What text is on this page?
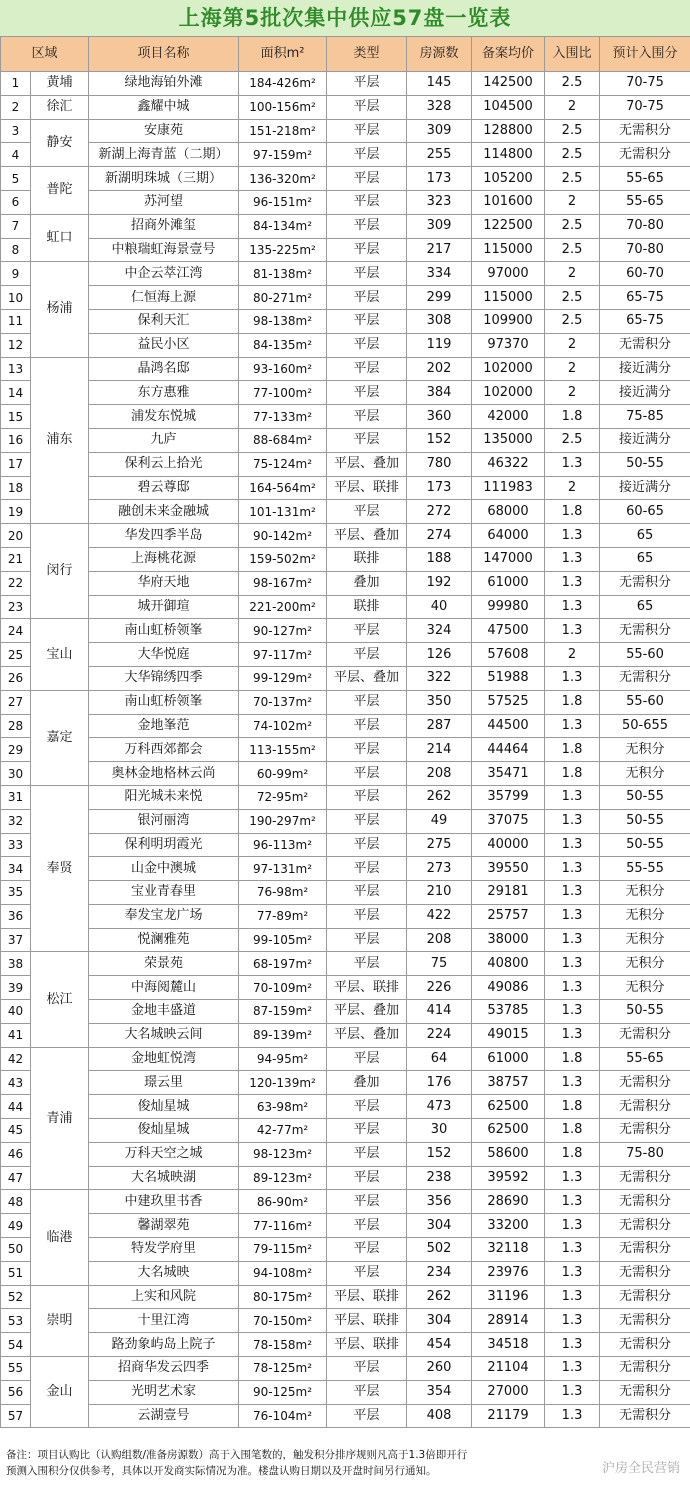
上海第5批次集中供应57盘一览表
区域		项目名称	面积m²	类型	房源数	备案均价	入围比	预计入围分
1	黄埔	绿地海铂外滩	184-426m²	平层	145	142500	2.5	70-75
2	徐汇	鑫耀中城	100-156m²	平层	328	104500	2	70-75
3	静安	安康苑	151-218m²	平层	309	128800	2.5	无需积分
4		新湖上海青蓝（二期）	97-159m²	平层	255	114800	2.5	无需积分
5	普陀	新湖明珠城（三期）	136-320m²	平层	173	105200	2.5	55-65
6		苏河望	96-151m²	平层	323	101600	2	55-65
7	虹口	招商外滩玺	84-134m²	平层	309	122500	2.5	70-80
8		中粮瑞虹海景壹号	135-225m²	平层	217	115000	2.5	70-80
9	杨浦	中企云萃江湾	81-138m²	平层	334	97000	2	60-70
10		仁恒海上源	80-271m²	平层	299	115000	2.5	65-75
11		保利天汇	98-138m²	平层	308	109900	2.5	65-75
12		益民小区	84-135m²	平层	119	97370	2	无需积分
13	浦东	晶鸿名邸	93-160m²	平层	202	102000	2	接近满分
14		东方惠雅	77-100m²	平层	384	102000	2	接近满分
15		浦发东悦城	77-133m²	平层	360	42000	1.8	75-85
16		九庐	88-684m²	平层	152	135000	2.5	接近满分
17		保利云上拾光	75-124m²	平层、叠加	780	46322	1.3	50-55
18		碧云尊邸	164-564m²	平层、联排	173	111983	2	接近满分
19		融创未来金融城	101-131m²	平层	272	68000	1.8	60-65
20	闵行	华发四季半岛	90-142m²	平层、叠加	274	64000	1.3	65
21		上海桃花源	159-502m²	联排	188	147000	1.3	65
22		华府天地	98-167m²	叠加	192	61000	1.3	无需积分
23		城开御瑄	221-200m²	联排	40	99980	1.3	65
24	宝山	南山虹桥领峯	90-127m²	平层	324	47500	1.3	无需积分
25		大华悦庭	97-117m²	平层	126	57608	2	55-60
26		大华锦绣四季	99-129m²	平层、叠加	322	51988	1.3	无需积分
27	嘉定	南山虹桥领峯	70-137m²	平层	350	57525	1.8	55-60
28		金地峯范	74-102m²	平层	287	44500	1.3	50-655
29		万科西郊都会	113-155m²	平层	214	44464	1.8	无积分
30		奥林金地格林云尚	60-99m²	平层	208	35471	1.8	无积分
31	奉贤	阳光城未来悦	72-95m²	平层	262	35799	1.3	50-55
32		银河丽湾	190-297m²	平层	49	37075	1.3	50-55
33		保利明玥霞光	96-113m²	平层	275	40000	1.3	50-55
34		山金中澳城	97-131m²	平层	273	39550	1.3	55-55
35		宝业青春里	76-98m²	平层	210	29181	1.3	无积分
36		奉发宝龙广场	77-89m²	平层	422	25757	1.3	无积分
37		悦澜雅苑	99-105m²	平层	208	38000	1.3	无积分
38	松江	荣景苑	68-197m²	平层	75	40800	1.3	无积分
39		中海阅麓山	70-109m²	平层、联排	226	49086	1.3	无积分
40		金地丰盛道	87-159m²	平层、叠加	414	53785	1.3	50-55
41		大名城映云间	89-139m²	平层、叠加	224	49015	1.3	无需积分
42	青浦	金地虹悦湾	94-95m²	平层	64	61000	1.8	55-65
43		璟云里	120-139m²	叠加	176	38757	1.3	无需积分
44		俊灿星城	63-98m²	平层	473	62500	1.8	无需积分
45		俊灿星城	42-77m²	平层	30	62500	1.8	无需积分
46		万科天空之城	98-123m²	平层	152	58600	1.8	75-80
47		大名城映湖	89-123m²	平层	238	39592	1.3	无需积分
48	临港	中建玖里书香	86-90m²	平层	356	28690	1.3	无需积分
49		馨湖翠苑	77-116m²	平层	304	33200	1.3	无需积分
50		特发学府里	79-115m²	平层	502	32118	1.3	无需积分
51		大名城映	94-108m²	平层	234	23976	1.3	无需积分
52	崇明	上实和风院	80-175m²	平层、联排	262	31196	1.3	无需积分
53		十里江湾	70-150m²	平层、联排	304	28914	1.3	无需积分
54		路劲象屿岛上院子	78-158m²	平层、联排	454	34518	1.3	无需积分
55	金山	招商华发云四季	78-125m²	平层	260	21104	1.3	无需积分
56		光明艺术家	90-125m²	平层	354	27000	1.3	无需积分
57		云湖壹号	76-104m²	平层	408	21179	1.3	无需积分
备注：项目认购比（认购组数/准备房源数）高于入围笔数的，触发积分排序规则凡高于1.3倍即开行
预测入围积分仅供参考，具体以开发商实际情况为准。楼盘认购日期以及开盘时间另行通知。	沪房全民营销
